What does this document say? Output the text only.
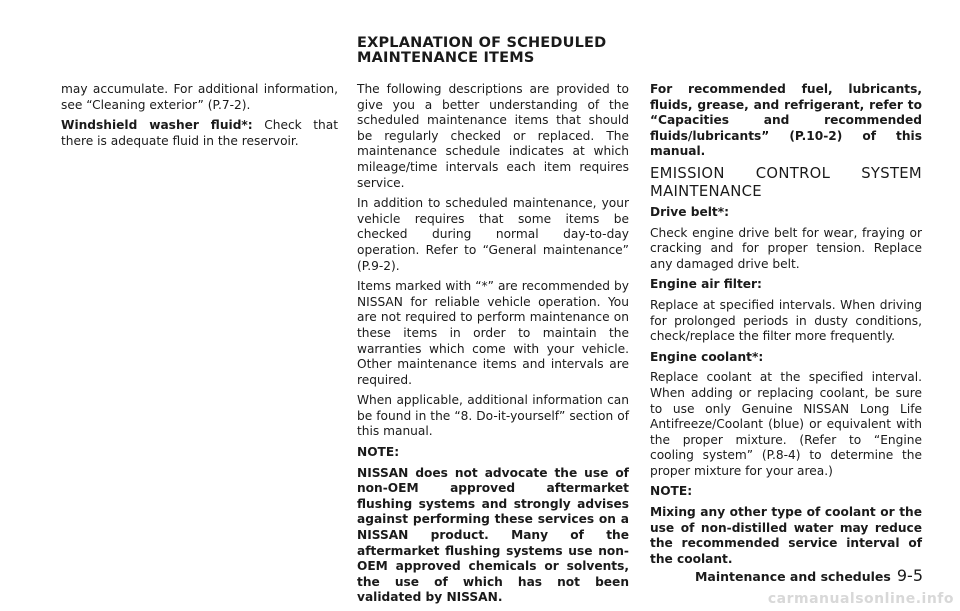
EXPLANATION OF SCHEDULED
MAINTENANCE ITEMS

may accumulate. For additional information, see “Cleaning exterior” (P.7-2).

Windshield washer fluid*: Check that there is adequate fluid in the reservoir.

The following descriptions are provided to give you a better understanding of the scheduled maintenance items that should be regularly checked or replaced. The maintenance schedule indicates at which mileage/time intervals each item requires service.

In addition to scheduled maintenance, your vehicle requires that some items be checked during normal day-to-day operation. Refer to “General maintenance” (P.9-2).

Items marked with “*” are recommended by NISSAN for reliable vehicle operation. You are not required to perform maintenance on these items in order to maintain the warranties which come with your vehicle. Other maintenance items and intervals are required.

When applicable, additional information can be found in the “8. Do-it-yourself” section of this manual.

NOTE:

NISSAN does not advocate the use of non-OEM approved aftermarket flushing systems and strongly advises against performing these services on a NISSAN product. Many of the aftermarket flushing systems use non-OEM approved chemicals or solvents, the use of which has not been validated by NISSAN.

For recommended fuel, lubricants, fluids, grease, and refrigerant, refer to “Capacities and recommended fluids/lubricants” (P.10-2) of this manual.

EMISSION CONTROL SYSTEM MAINTENANCE

Drive belt*:

Check engine drive belt for wear, fraying or cracking and for proper tension. Replace any damaged drive belt.

Engine air filter:

Replace at specified intervals. When driving for prolonged periods in dusty conditions, check/replace the filter more frequently.

Engine coolant*:

Replace coolant at the specified interval. When adding or replacing coolant, be sure to use only Genuine NISSAN Long Life Antifreeze/Coolant (blue) or equivalent with the proper mixture. (Refer to “Engine cooling system” (P.8-4) to determine the proper mixture for your area.)

NOTE:

Mixing any other type of coolant or the use of non-distilled water may reduce the recommended service interval of the coolant.

Maintenance and schedules 9-5
carmanualsonline.info
